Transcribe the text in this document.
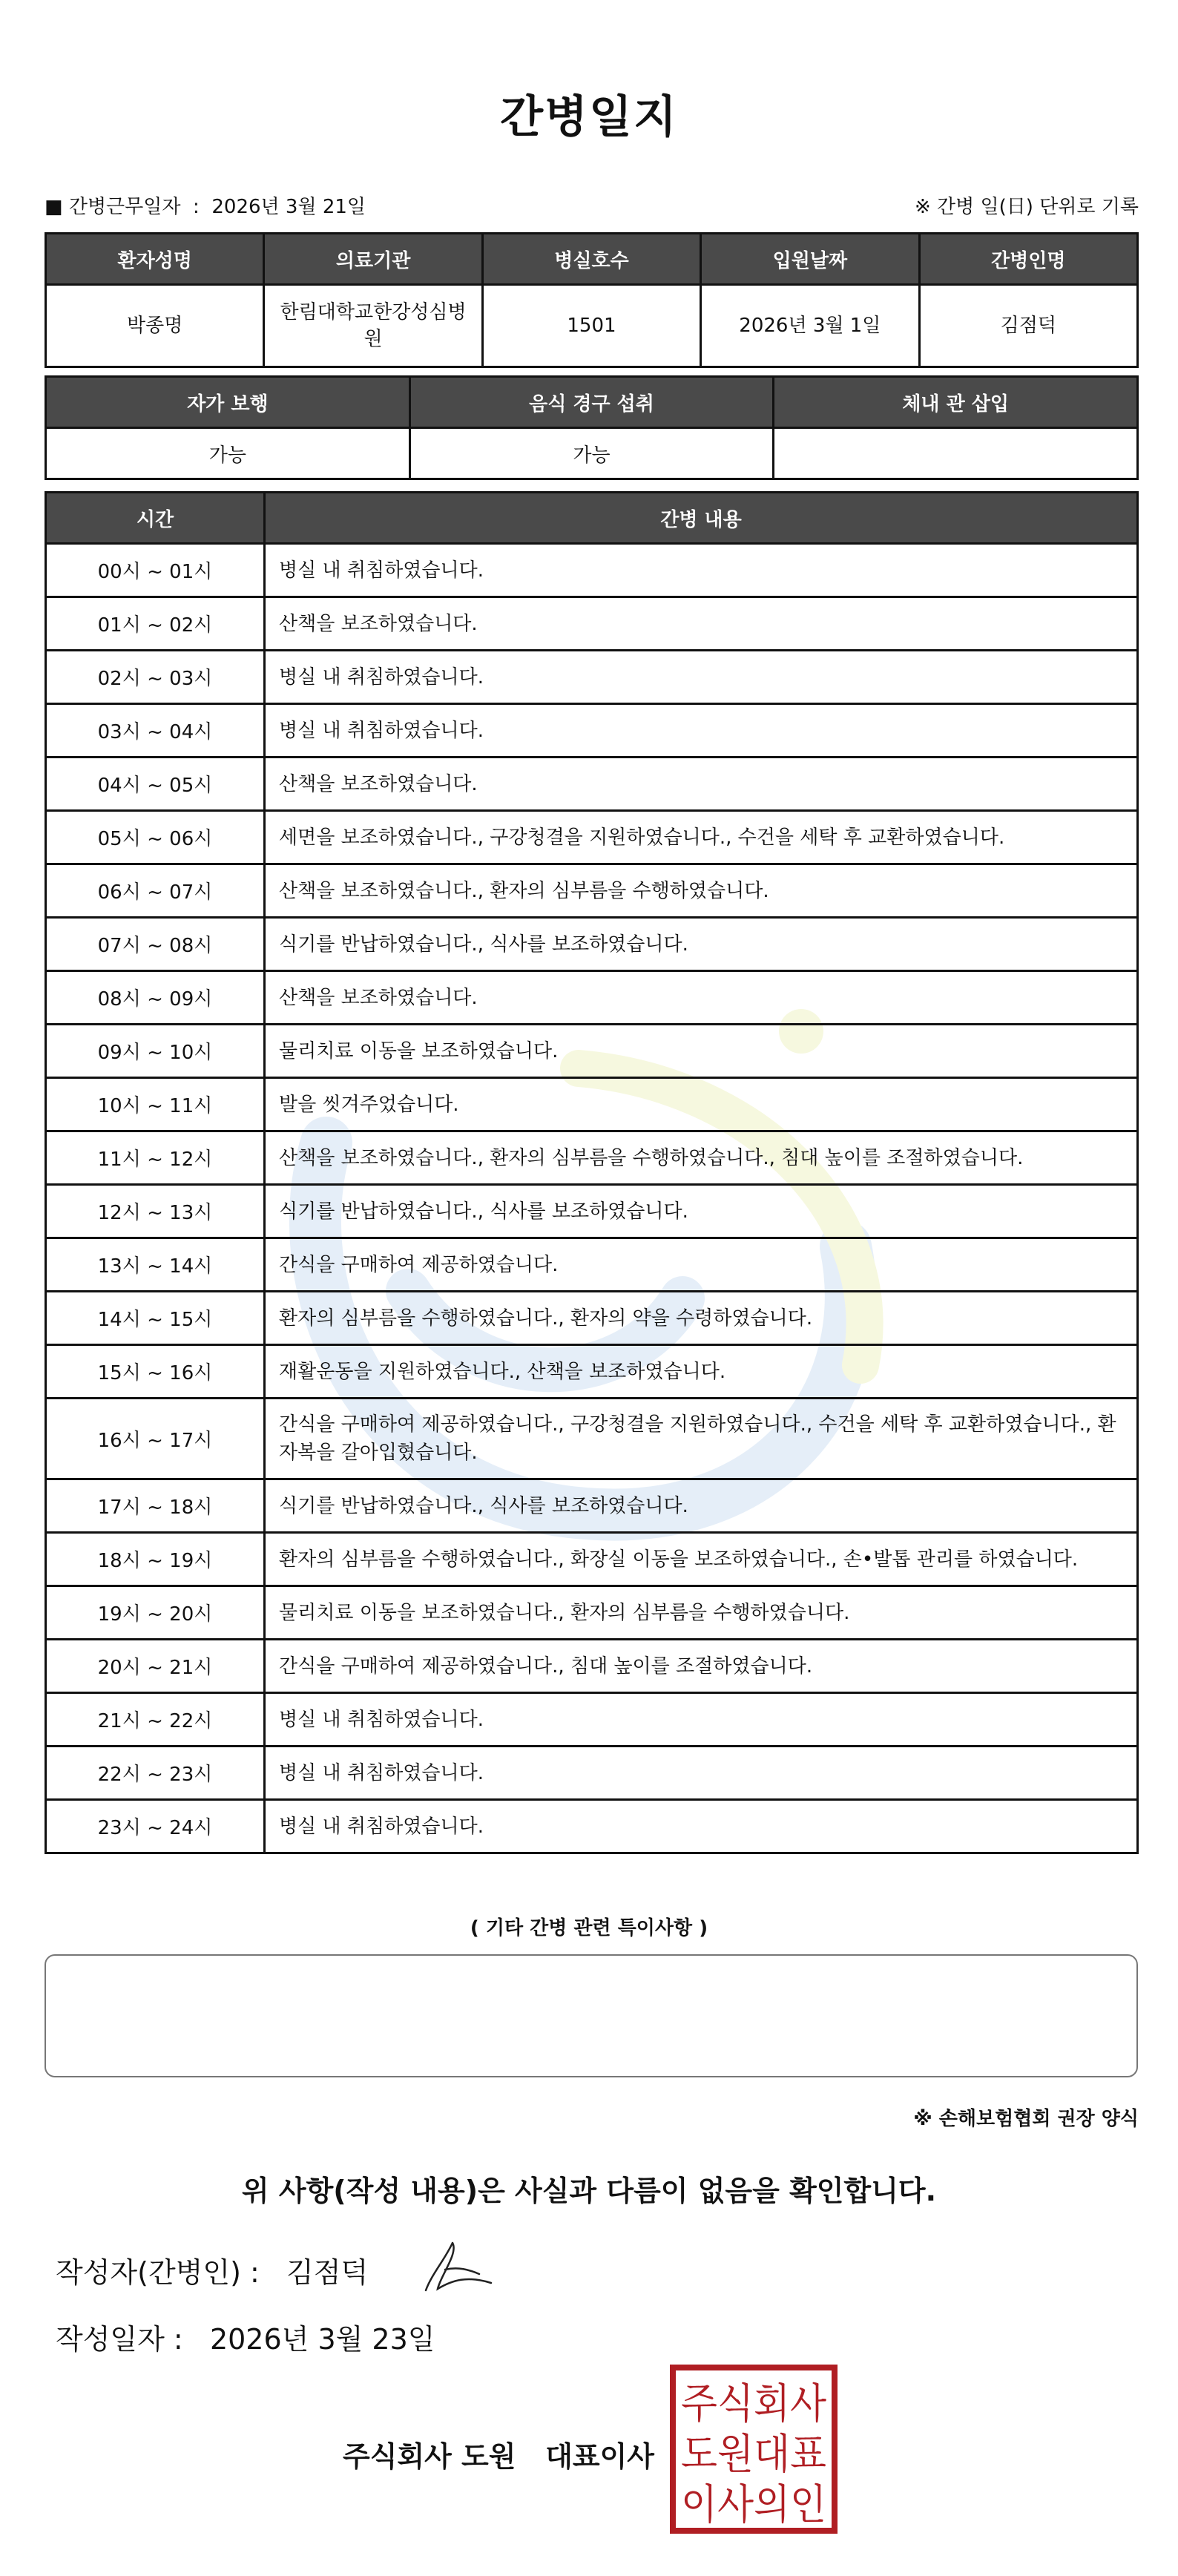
간병일지
■ 간병근무일자  :  2026년 3월 21일	※ 간병 일(日) 단위로 기록
환자성명	의료기관	병실호수	입원날짜	간병인명
박종명	한림대학교한강성심병원	1501	2026년 3월 1일	김점덕
자가 보행	음식 경구 섭취	체내 관 삽입
가능	가능	
시간	간병 내용
00시 ~ 01시	병실 내 취침하였습니다.
01시 ~ 02시	산책을 보조하였습니다.
02시 ~ 03시	병실 내 취침하였습니다.
03시 ~ 04시	병실 내 취침하였습니다.
04시 ~ 05시	산책을 보조하였습니다.
05시 ~ 06시	세면을 보조하였습니다., 구강청결을 지원하였습니다., 수건을 세탁 후 교환하였습니다.
06시 ~ 07시	산책을 보조하였습니다., 환자의 심부름을 수행하였습니다.
07시 ~ 08시	식기를 반납하였습니다., 식사를 보조하였습니다.
08시 ~ 09시	산책을 보조하였습니다.
09시 ~ 10시	물리치료 이동을 보조하였습니다.
10시 ~ 11시	발을 씻겨주었습니다.
11시 ~ 12시	산책을 보조하였습니다., 환자의 심부름을 수행하였습니다., 침대 높이를 조절하였습니다.
12시 ~ 13시	식기를 반납하였습니다., 식사를 보조하였습니다.
13시 ~ 14시	간식을 구매하여 제공하였습니다.
14시 ~ 15시	환자의 심부름을 수행하였습니다., 환자의 약을 수령하였습니다.
15시 ~ 16시	재활운동을 지원하였습니다., 산책을 보조하였습니다.
16시 ~ 17시	간식을 구매하여 제공하였습니다., 구강청결을 지원하였습니다., 수건을 세탁 후 교환하였습니다., 환자복을 갈아입혔습니다.
17시 ~ 18시	식기를 반납하였습니다., 식사를 보조하였습니다.
18시 ~ 19시	환자의 심부름을 수행하였습니다., 화장실 이동을 보조하였습니다., 손•발톱 관리를 하였습니다.
19시 ~ 20시	물리치료 이동을 보조하였습니다., 환자의 심부름을 수행하였습니다.
20시 ~ 21시	간식을 구매하여 제공하였습니다., 침대 높이를 조절하였습니다.
21시 ~ 22시	병실 내 취침하였습니다.
22시 ~ 23시	병실 내 취침하였습니다.
23시 ~ 24시	병실 내 취침하였습니다.
( 기타 간병 관련 특이사항 )
※ 손해보험협회 권장 양식
위 사항(작성 내용)은 사실과 다름이 없음을 확인합니다.
작성자(간병인) :   김점덕
작성일자 :   2026년 3월 23일
주식회사 도원 대표이사
주식회사
도원대표
이사의인
